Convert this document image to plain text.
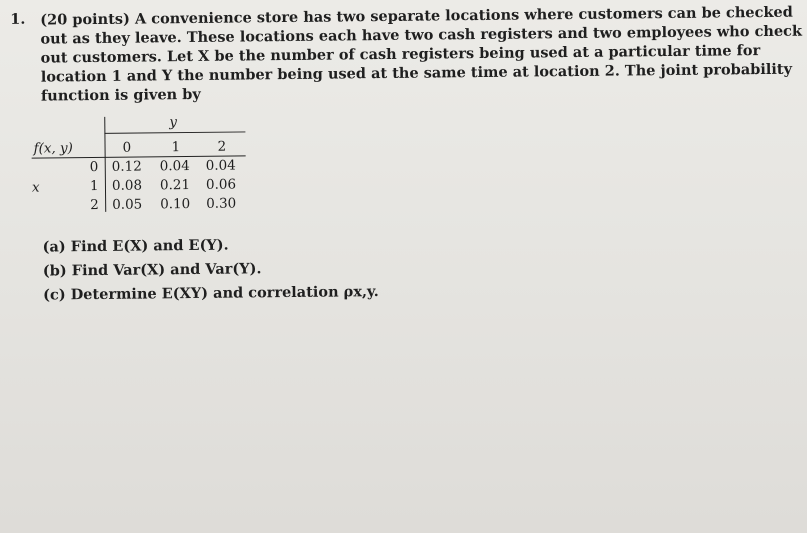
1. (20 points) A convenience store has two separate locations where customers can be checked
out as they leave. These locations each have two cash registers and two employees who check
out customers. Let X be the number of cash registers being used at a particular time for
location 1 and Y the number being used at the same time at location 2. The joint probability
function is given by
y
f(x, y)
x
0	1	2
0
1
2
0.12 0.04 0.04
0.08 0.21 0.06
0.05 0.10 0.30
(a) Find E(X) and E(Y).
(b) Find Var(X) and Var(Y).
(c) Determine E(XY) and correlation ρx,y.
